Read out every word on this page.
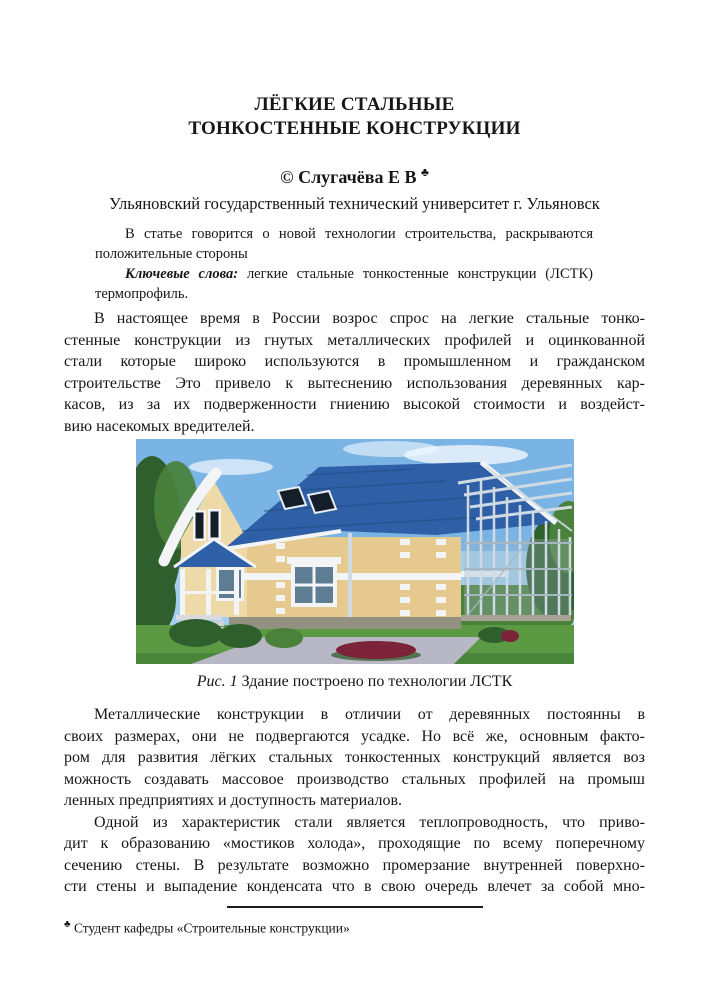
ЛЁГКИЕ СТАЛЬНЫЕ
ТОНКОСТЕННЫЕ КОНСТРУКЦИИ
© Слугачёва Е В ♣
Ульяновский государственный технический университет г. Ульяновск
В статье говорится о новой технологии строительства, раскрываются
положительные стороны
Ключевые слова: легкие стальные тонкостенные конструкции (ЛСТК)
термопрофиль.
В настоящее время в России возрос спрос на легкие стальные тонко-
стенные конструкции из гнутых металлических профилей и оцинкованной
стали которые широко используются в промышленном и гражданском
строительстве Это привело к вытеснению использования деревянных кар-
касов, из за их подверженности гниению высокой стоимости и воздейст-
вию насекомых вредителей.
Рис. 1 Здание построено по технологии ЛСТК
Металлические конструкции в отличии от деревянных постоянны в
своих размерах, они не подвергаются усадке. Но всё же, основным факто-
ром для развития лёгких стальных тонкостенных конструкций является воз
можность создавать массовое производство стальных профилей на промыш
ленных предприятиях и доступность материалов.
Одной из характеристик стали является теплопроводность, что приво-
дит к образованию «мостиков холода», проходящие по всему поперечному
сечению стены. В результате возможно промерзание внутренней поверхно-
сти стены и выпадение конденсата что в свою очередь влечет за собой мно-
♣ Студент кафедры «Строительные конструкции»
